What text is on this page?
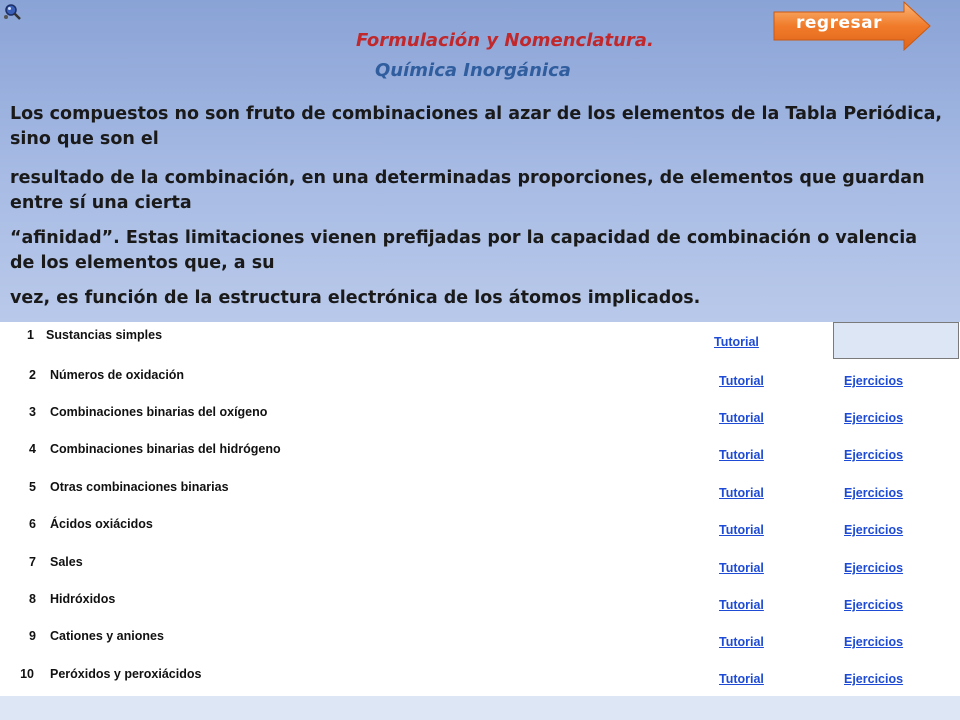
Formulación y Nomenclatura.
Química Inorgánica
regresar
Los compuestos no son fruto de combinaciones al azar de los elementos de la Tabla Periódica, sino que son el
resultado de la combinación, en una determinadas proporciones, de elementos que guardan entre sí una cierta
“afinidad”. Estas limitaciones vienen prefijadas por la capacidad de combinación o valencia de los elementos que, a su
vez, es función de la estructura electrónica de los átomos implicados.
1 Sustancias simples	Tutorial
2 Números de oxidación	Tutorial	Ejercicios
3 Combinaciones binarias del oxígeno	Tutorial	Ejercicios
4 Combinaciones binarias del hidrógeno	Tutorial	Ejercicios
5 Otras combinaciones binarias	Tutorial	Ejercicios
6 Ácidos oxiácidos	Tutorial	Ejercicios
7 Sales	Tutorial	Ejercicios
8 Hidróxidos	Tutorial	Ejercicios
9 Cationes y aniones	Tutorial	Ejercicios
10 Peróxidos y peroxiácidos	Tutorial	Ejercicios
